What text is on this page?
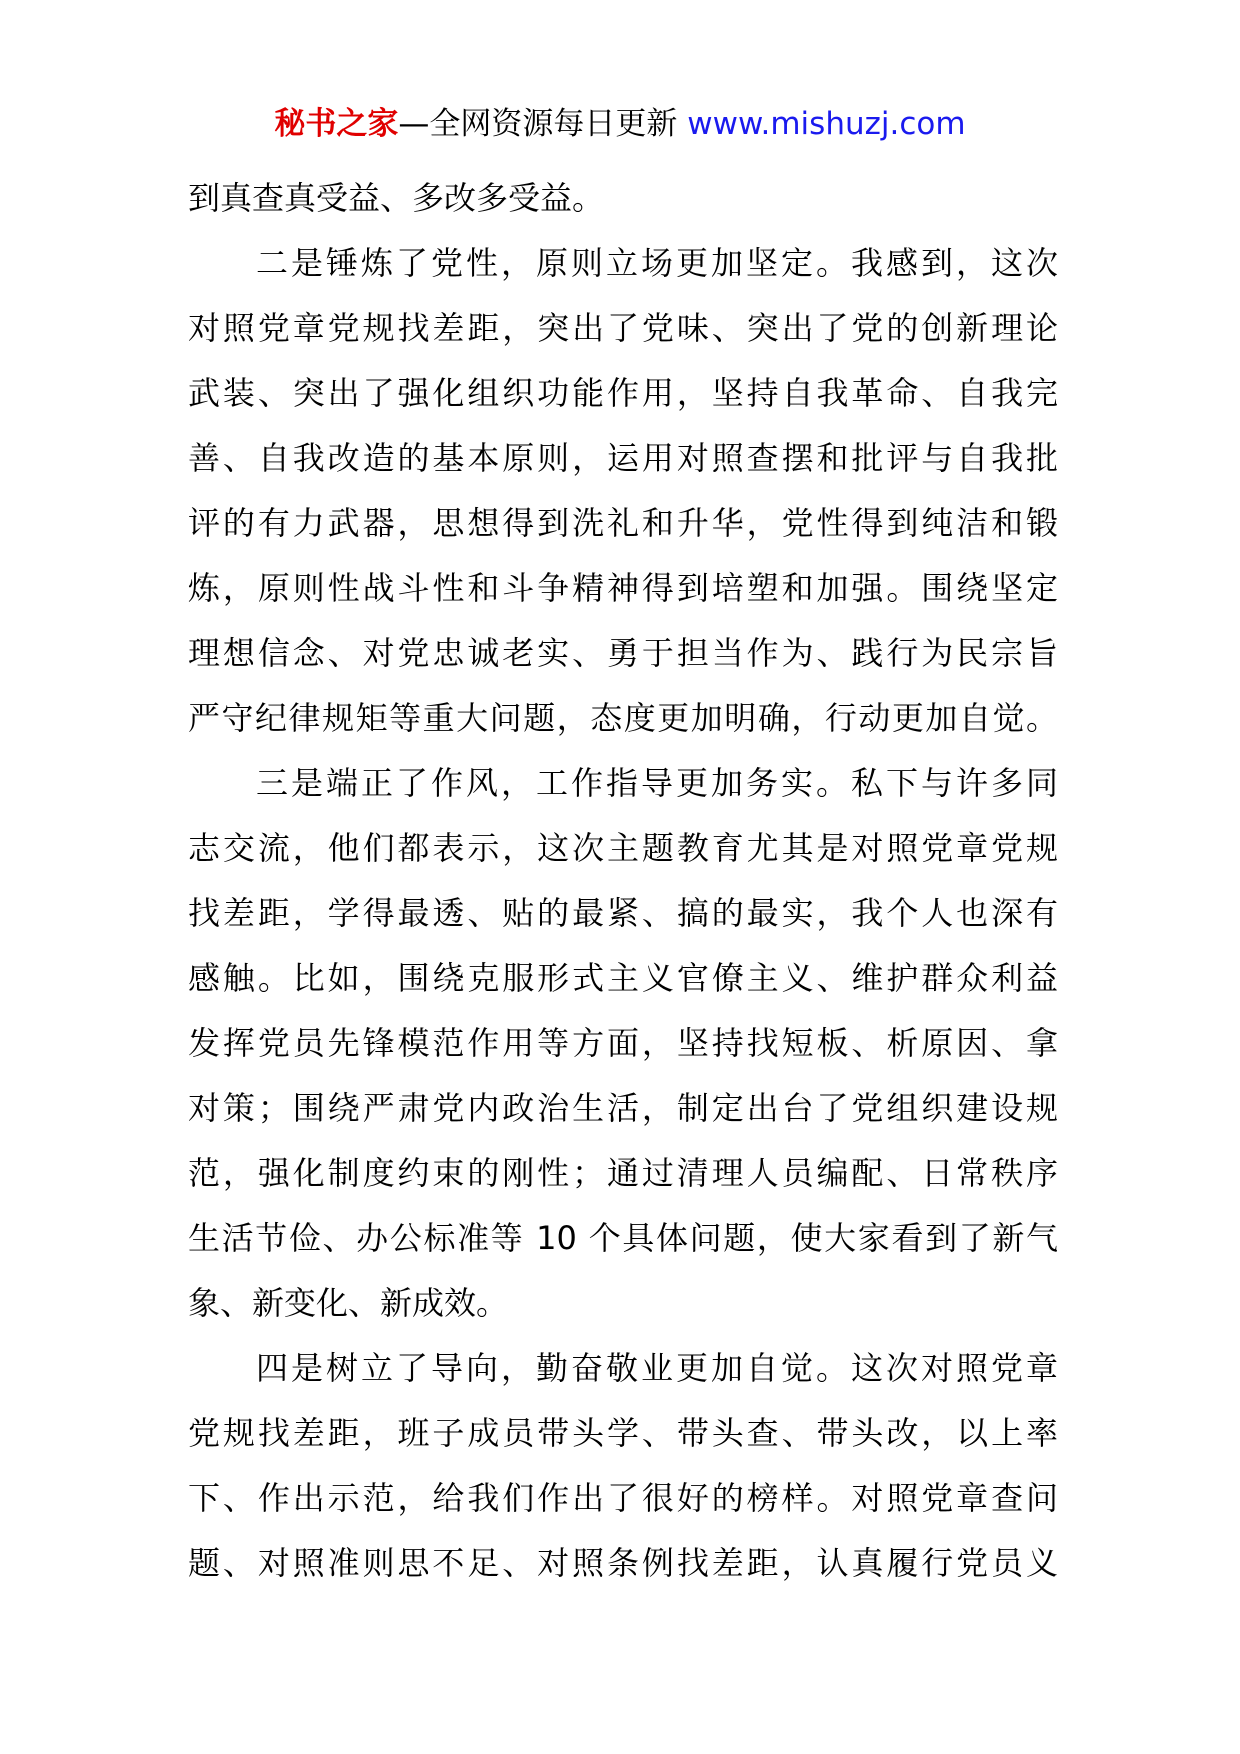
秘书之家—全网资源每日更新 www.mishuzj.com
到真查真受益、多改多受益。
二是锤炼了党性，原则立场更加坚定。我感到，这次
对照党章党规找差距，突出了党味、突出了党的创新理论
武装、突出了强化组织功能作用，坚持自我革命、自我完
善、自我改造的基本原则，运用对照查摆和批评与自我批
评的有力武器，思想得到洗礼和升华，党性得到纯洁和锻
炼，原则性战斗性和斗争精神得到培塑和加强。围绕坚定
理想信念、对党忠诚老实、勇于担当作为、践行为民宗旨
严守纪律规矩等重大问题，态度更加明确，行动更加自觉。
三是端正了作风，工作指导更加务实。私下与许多同
志交流，他们都表示，这次主题教育尤其是对照党章党规
找差距，学得最透、贴的最紧、搞的最实，我个人也深有
感触。比如，围绕克服形式主义官僚主义、维护群众利益
发挥党员先锋模范作用等方面，坚持找短板、析原因、拿
对策；围绕严肃党内政治生活，制定出台了党组织建设规
范，强化制度约束的刚性；通过清理人员编配、日常秩序
生活节俭、办公标准等 10 个具体问题，使大家看到了新气
象、新变化、新成效。
四是树立了导向，勤奋敬业更加自觉。这次对照党章
党规找差距，班子成员带头学、带头查、带头改，以上率
下、作出示范，给我们作出了很好的榜样。对照党章查问
题、对照准则思不足、对照条例找差距，认真履行党员义
